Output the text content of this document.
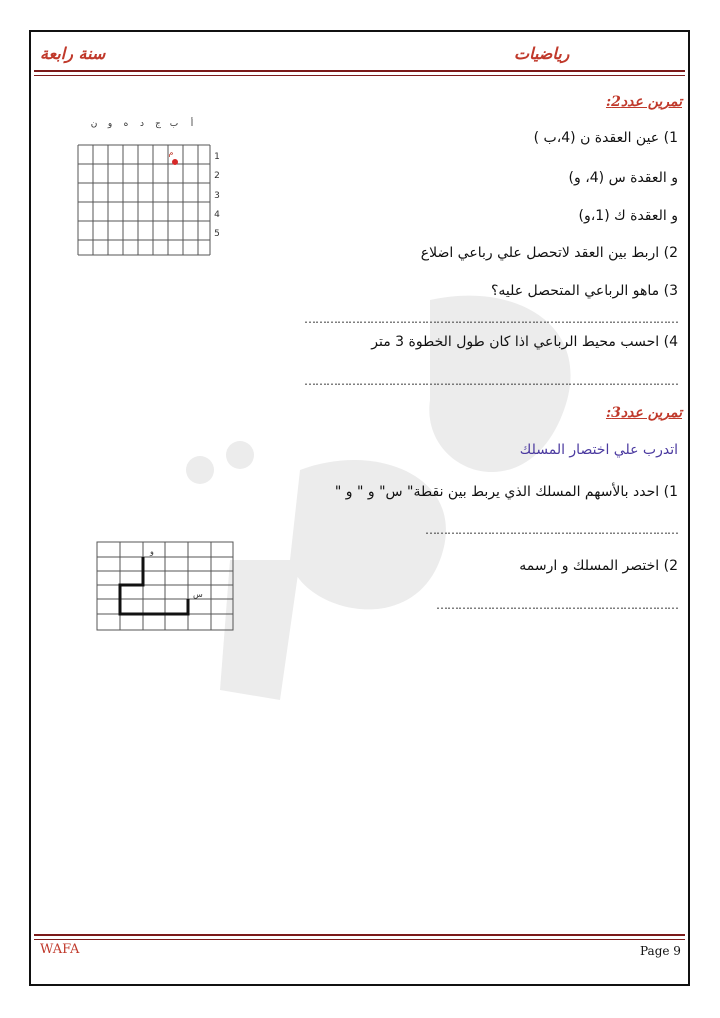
سنة رابعة	رياضيات
تمرين عدد2:
1) عين العقدة ن (4،ب )
و العقدة س (4، و)
و العقدة ك (1،و)
2) اربط بين العقد لاتحصل علي رباعي اضلاع
3) ماهو الرباعي المتحصل عليه؟
…………………………………………………………………………………………
4) احسب محيط الرباعي اذا كان طول الخطوة 3 متر
…………………………………………………………………………………………
أ
ب
ج
د
ه
و
ن
1
2
3
4
5
م
تمرين عدد3:
اتدرب علي اختصار المسلك
1) احدد بالأسهم المسلك الذي يربط بين نقطة" س" و " و "
……………………………………………………………
2) اختصر المسلك و ارسمه
…………………………………………………………
و
س
WAFA	Page 9
